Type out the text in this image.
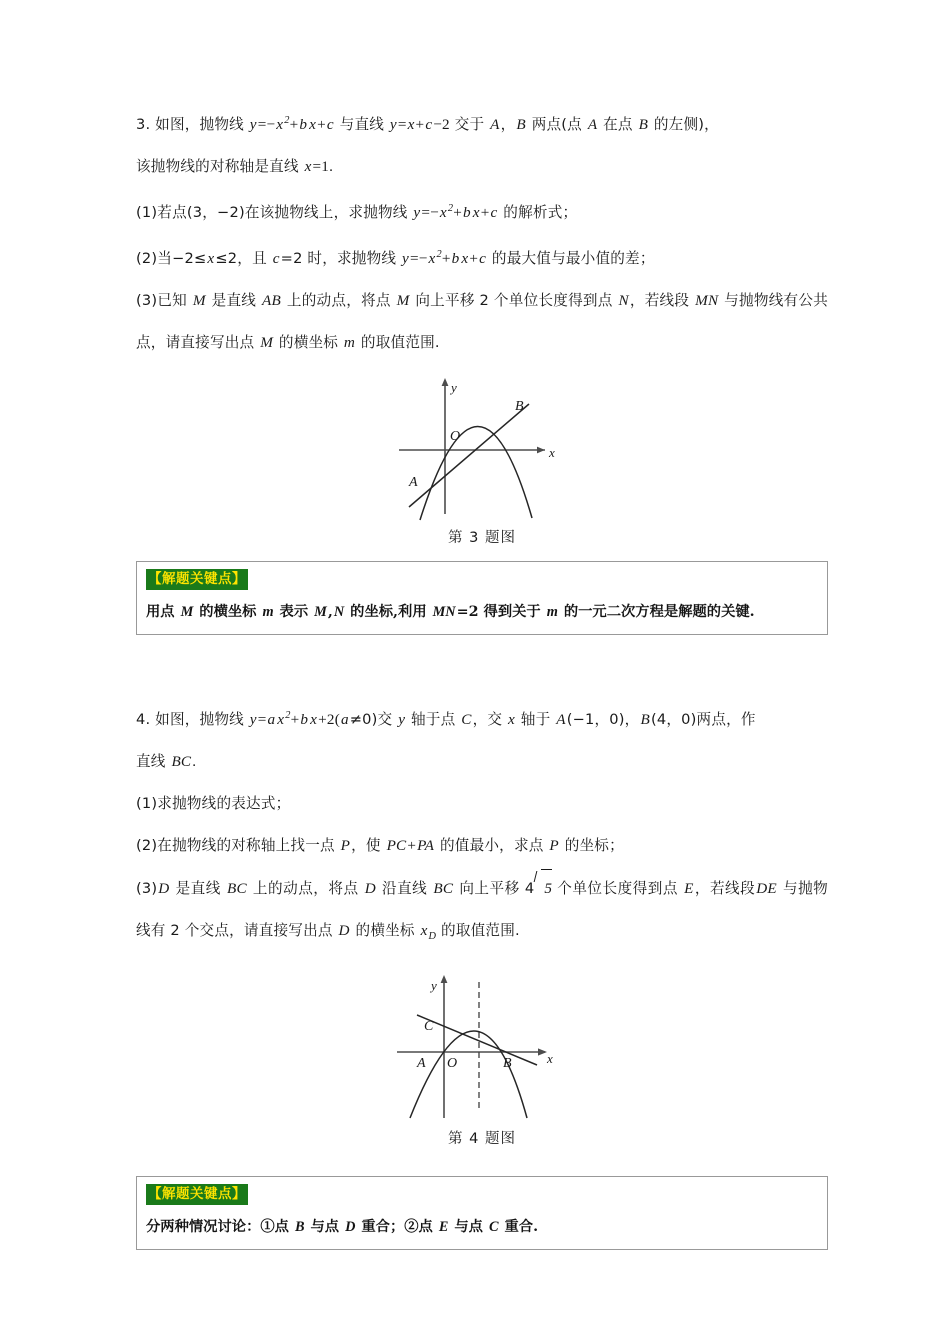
3. 如图，抛物线 $y=-x^2+b$ x+c 与直线 y=x+c−2 交于 A，B 两点(点 A 在点 B 的左侧)，
该抛物线的对称轴是直线 x=1.
(1)若点(3，−2)在该抛物线上，求抛物线 $y=-x^2+b$ x+c 的解析式；
(2)当−2≤x≤2，且 c=2 时，求抛物线 $y=-x^2+b$ x+c 的最大值与最小值的差；
(3)已知 M 是直线 AB 上的动点，将点 M 向上平移 2 个单位长度得到点 N，若线段 MN 与抛物线有公共点，请直接写出点 M 的横坐标 m 的取值范围.
O
x
y
A
B
第 3 题图
【解题关键点】
用点 M 的横坐标 m 表示 M,N 的坐标,利用 MN=2 得到关于 m 的一元二次方程是解题的关键.
4. 如图，抛物线 y=a $x^2+b$ x+2(a≠0)交 y 轴于点 C，交 x 轴于 A(−1，0)，B(4，0)两点，作
直线 BC.
(1)求抛物线的表达式；
(2)在抛物线的对称轴上找一点 P，使 PC+PA 的值最小，求点 P 的坐标；
(3)D 是直线 BC 上的动点，将点 D 沿直线 BC 向上平移 4 5 个单位长度得到点 E，若线段DE 与抛物线有 2 个交点，请直接写出点 D 的横坐标 $x_D$ 的取值范围.
C
O
A	B	x
y
第 4 题图
【解题关键点】
分两种情况讨论：①点 B 与点 D 重合；②点 E 与点 C 重合.
